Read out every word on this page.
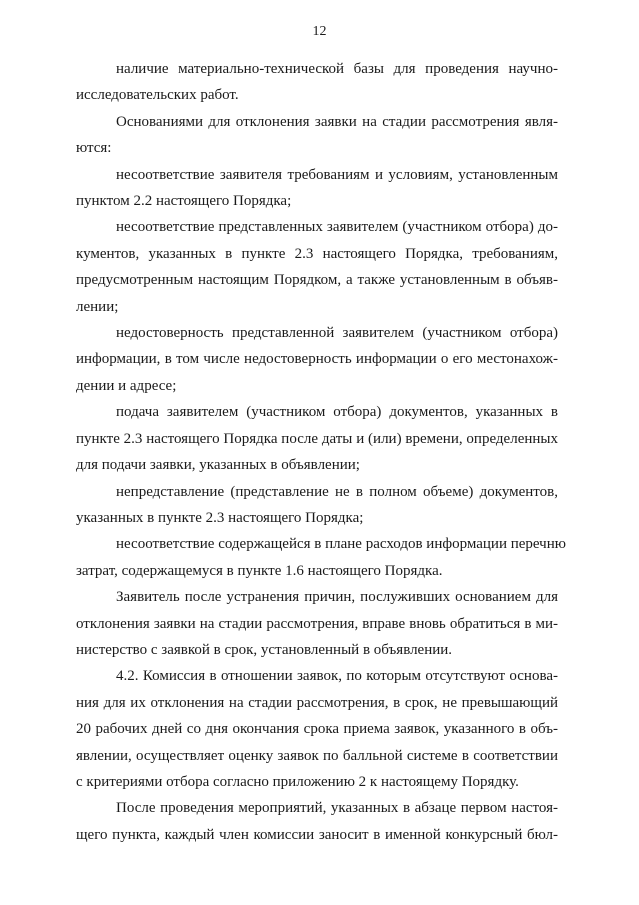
12
наличие материально-технической базы для проведения научно-
исследовательских работ.
Основаниями для отклонения заявки на стадии рассмотрения явля-
ются:
несоответствие заявителя требованиям и условиям, установленным
пунктом 2.2 настоящего Порядка;
несоответствие представленных заявителем (участником отбора) до-
кументов, указанных в пункте 2.3 настоящего Порядка, требованиям,
предусмотренным настоящим Порядком, а также установленным в объяв-
лении;
недостоверность представленной заявителем (участником отбора)
информации, в том числе недостоверность информации о его местонахож-
дении и адресе;
подача заявителем (участником отбора) документов, указанных в
пункте 2.3 настоящего Порядка после даты и (или) времени, определенных
для подачи заявки, указанных в объявлении;
непредставление (представление не в полном объеме) документов,
указанных в пункте 2.3 настоящего Порядка;
несоответствие содержащейся в плане расходов информации перечню
затрат, содержащемуся в пункте 1.6 настоящего Порядка.
Заявитель после устранения причин, послуживших основанием для
отклонения заявки на стадии рассмотрения, вправе вновь обратиться в ми-
нистерство с заявкой в срок, установленный в объявлении.
4.2. Комиссия в отношении заявок, по которым отсутствуют основа-
ния для их отклонения на стадии рассмотрения, в срок, не превышающий
20 рабочих дней со дня окончания срока приема заявок, указанного в объ-
явлении, осуществляет оценку заявок по балльной системе в соответствии
с критериями отбора согласно приложению 2 к настоящему Порядку.
После проведения мероприятий, указанных в абзаце первом настоя-
щего пункта, каждый член комиссии заносит в именной конкурсный бюл-
